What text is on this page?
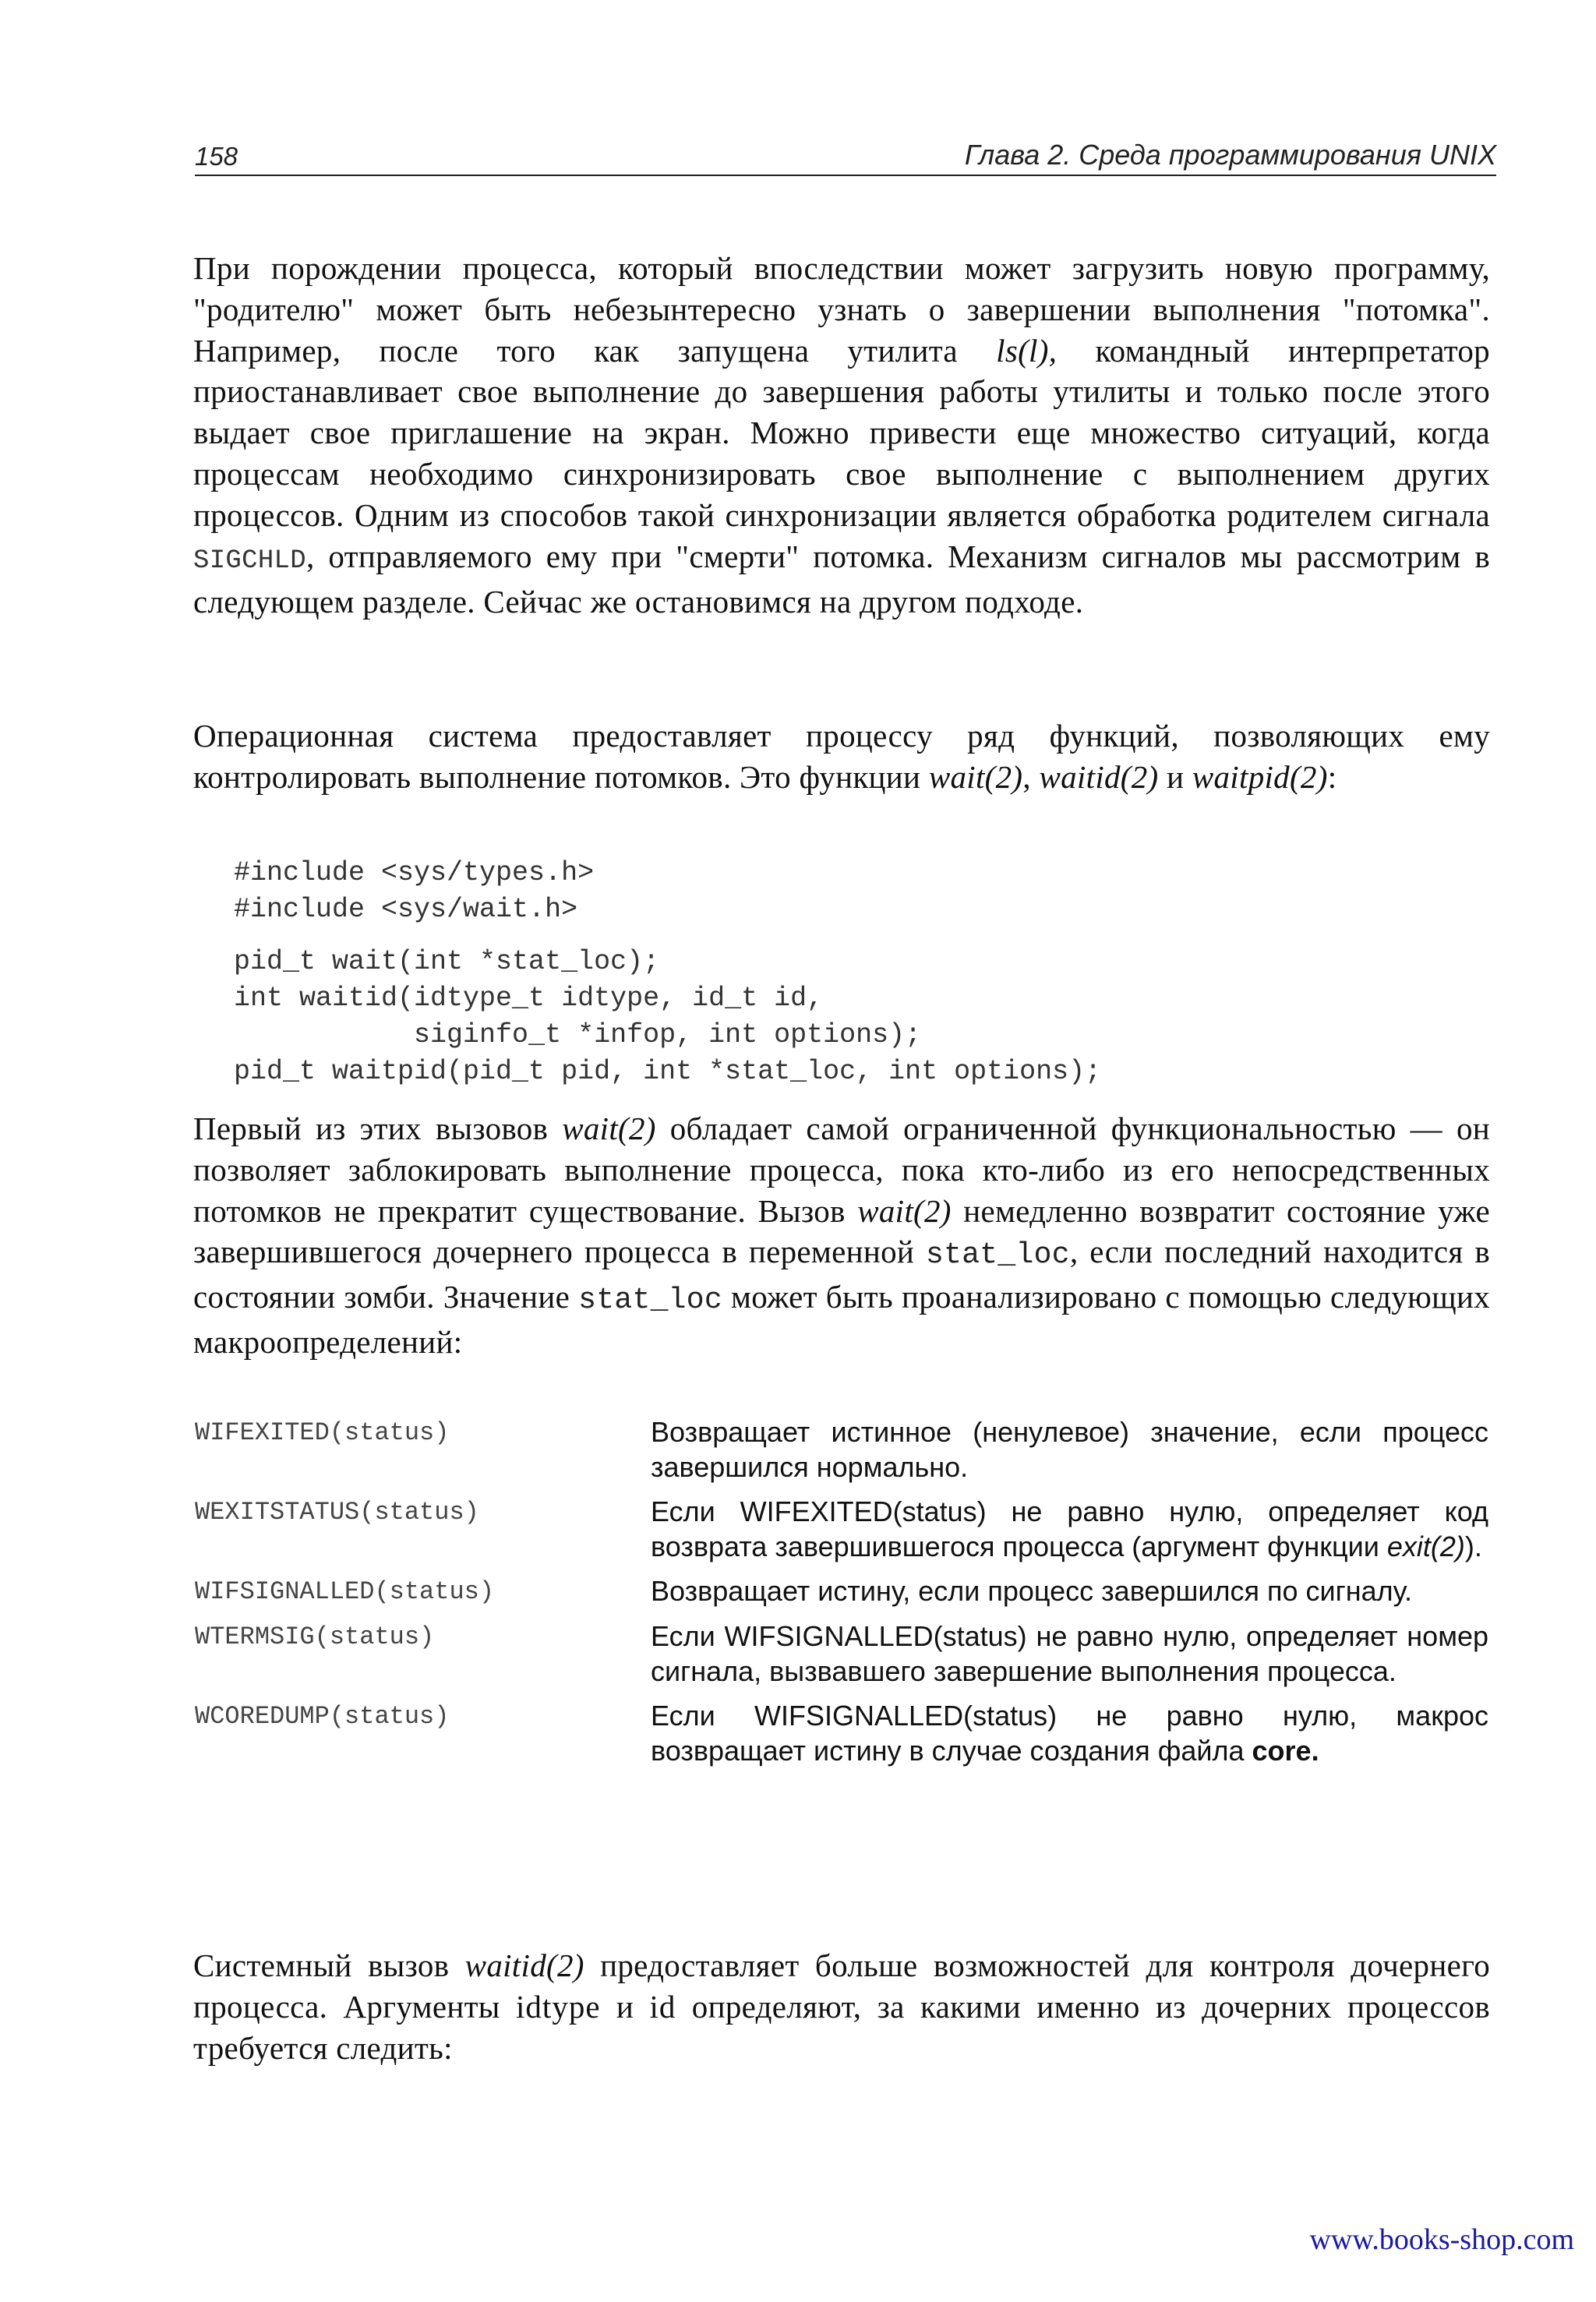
158	Глава 2. Среда программирования UNIX

При порождении процесса, который впоследствии может загрузить новую программу, "родителю" может быть небезынтересно узнать о завершении выполнения "потомка". Например, после того как запущена утилита ls(l), командный интерпретатор приостанавливает свое выполнение до завершения работы утилиты и только после этого выдает свое приглашение на экран. Можно привести еще множество ситуаций, когда процессам необходимо синхронизировать свое выполнение с выполнением других процессов. Одним из способов такой синхронизации является обработка родителем сигнала SIGCHLD, отправляемого ему при "смерти" потомка. Механизм сигналов мы рассмотрим в следующем разделе. Сейчас же остановимся на другом подходе.

Операционная система предоставляет процессу ряд функций, позволяющих ему контролировать выполнение потомков. Это функции wait(2), waitid(2) и waitpid(2):

#include <sys/types.h>
#include <sys/wait.h>
pid_t wait(int *stat_loc);
int waitid(idtype_t idtype, id_t id,
siginfo_t *infop, int options);
pid_t waitpid(pid_t pid, int *stat_loc, int options);

Первый из этих вызовов wait(2) обладает самой ограниченной функциональностью — он позволяет заблокировать выполнение процесса, пока кто-либо из его непосредственных потомков не прекратит существование. Вызов wait(2) немедленно возвратит состояние уже завершившегося дочернего процесса в переменной stat_loc, если последний находится в состоянии зомби. Значение stat_loc может быть проанализировано с помощью следующих макроопределений:

WIFEXITED(status)	Возвращает истинное (ненулевое) значение, если процесс завершился нормально.
WEXITSTATUS(status)	Если WIFEXITED(status) не равно нулю, определяет код возврата завершившегося процесса (аргумент функции exit(2)).
WIFSIGNALLED(status)	Возвращает истину, если процесс завершился по сигналу.
WTERMSIG(status)	Если WIFSIGNALLED(status) не равно нулю, определяет номер сигнала, вызвавшего завершение выполнения процесса.
WCOREDUMP(status)	Если WIFSIGNALLED(status) не равно нулю, макрос возвращает истину в случае создания файла core.

Системный вызов waitid(2) предоставляет больше возможностей для контроля дочернего процесса. Аргументы idtype и id определяют, за какими именно из дочерних процессов требуется следить:

www.books-shop.com
